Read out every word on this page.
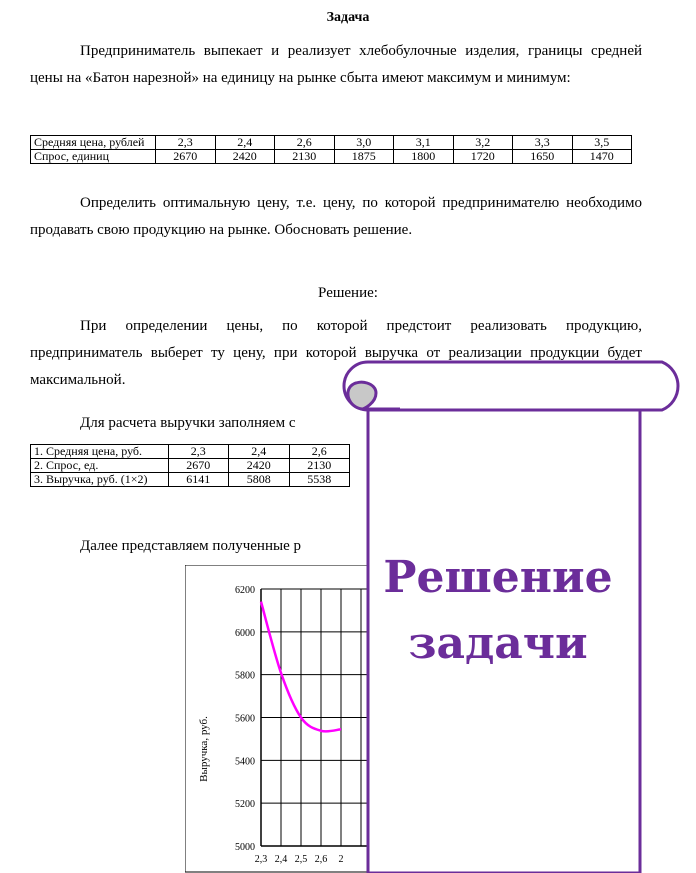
Задача
Предприниматель выпекает и реализует хлебобулочные изделия, границы средней цены на «Батон нарезной» на единицу на рынке сбыта имеют максимум и минимум:
Средняя цена, рублей	2,3	2,4	2,6	3,0	3,1	3,2	3,3	3,5
Спрос, единиц	2670	2420	2130	1875	1800	1720	1650	1470
Определить оптимальную цену, т.е. цену, по которой предпринимателю необходимо продавать свою продукцию на рынке. Обосновать решение.
Решение:
При определении цены, по которой предстоит реализовать продукцию, предприниматель выберет ту цену, при которой выручка от реализации продукции будет максимальной.
Для расчета выручки заполняем с
1. Средняя цена, руб.	2,3	2,4	2,6
2. Спрос, ед.	2670	2420	2130
3. Выручка, руб. (1×2)	6141	5808	5538
Далее представляем полученные р
5000
5200
5400
5600
5800
6000
6200
2,3 2,4 2,5 2,6 2
Выручка, руб.
Решение
задачи
